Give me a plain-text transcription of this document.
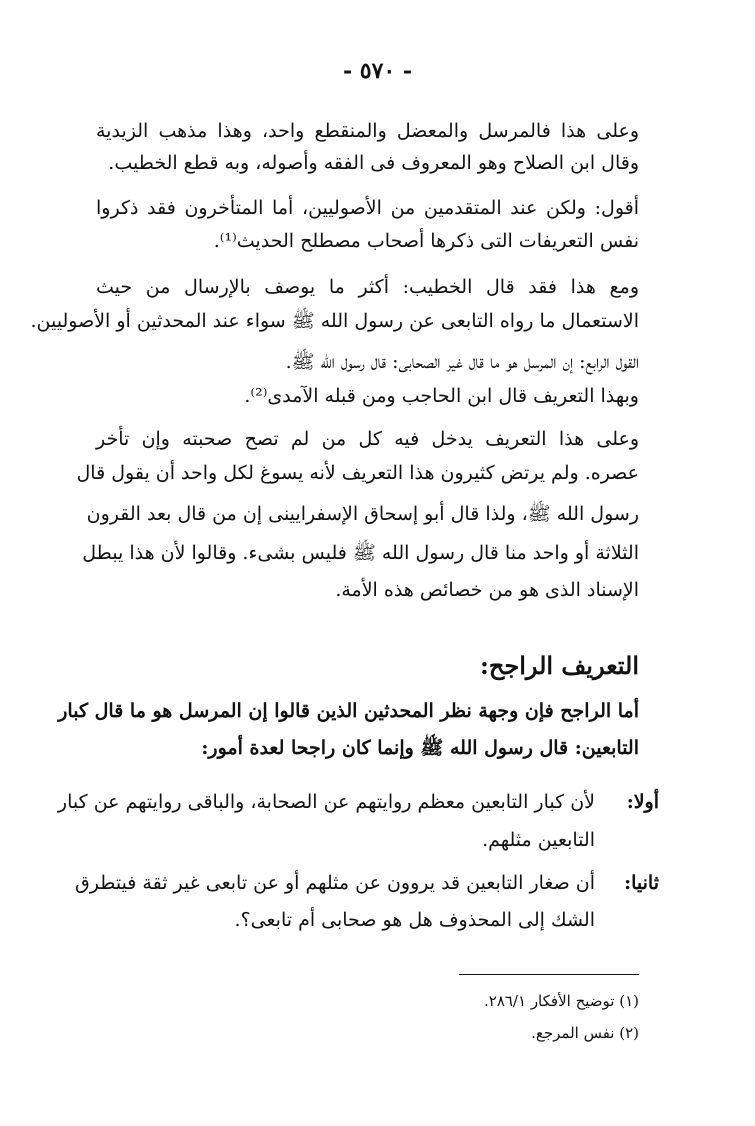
- ٥٧٠ -
وعلى هذا فالمرسل والمعضل والمنقطع واحد، وهذا مذهب الزيدية
وقال ابن الصلاح وهو المعروف فى الفقه وأصوله، وبه قطع الخطيب.
أقول: ولكن عند المتقدمين من الأصوليين، أما المتأخرون فقد ذكروا
نفس التعريفات التى ذكرها أصحاب مصطلح الحديث⁽¹⁾.
ومع هذا فقد قال الخطيب: أكثر ما يوصف بالإرسال من حيث
الاستعمال ما رواه التابعى عن رسول الله ﷺ سواء عند المحدثين أو الأصوليين.
القول الرابع: إن المرسل هو ما قال غير الصحابى: قال رسول الله ﷺ.
وبهذا التعريف قال ابن الحاجب ومن قبله الآمدى⁽²⁾.
وعلى هذا التعريف يدخل فيه كل من لم تصح صحبته وإن تأخر
عصره. ولم يرتض كثيرون هذا التعريف لأنه يسوغ لكل واحد أن يقول قال
رسول الله ﷺ، ولذا قال أبو إسحاق الإسفرايينى إن من قال بعد القرون
الثلاثة أو واحد منا قال رسول الله ﷺ فليس بشىء. وقالوا لأن هذا يبطل
الإسناد الذى هو من خصائص هذه الأمة.
التعريف الراجح:
أما الراجح فإن وجهة نظر المحدثين الذين قالوا إن المرسل هو ما قال كبار
التابعين: قال رسول الله ﷺ وإنما كان راجحا لعدة أمور:
أولا:
لأن كبار التابعين معظم روايتهم عن الصحابة، والباقى روايتهم عن كبار
التابعين مثلهم.
ثانيا:
أن صغار التابعين قد يروون عن مثلهم أو عن تابعى غير ثقة فيتطرق
الشك إلى المحذوف هل هو صحابى أم تابعى؟.
(١) توضيح الأفكار ٢٨٦/١.
(٢) نفس المرجع.
